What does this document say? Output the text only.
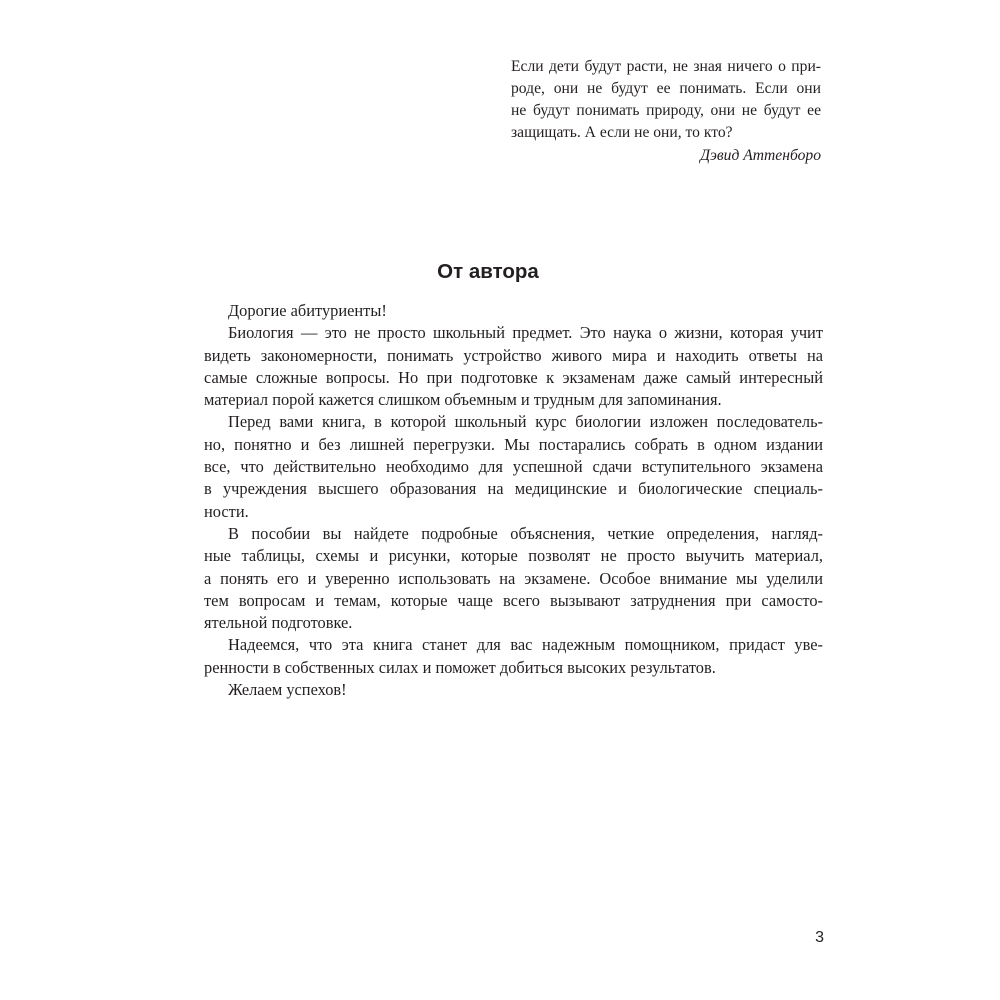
Если дети будут расти, не зная ничего о при-
роде, они не будут ее понимать. Если они
не будут понимать природу, они не будут ее
защищать. А если не они, то кто?
Дэвид Аттенборо
От автора
Дорогие абитуриенты!
Биология — это не просто школьный предмет. Это наука о жизни, которая учит
видеть закономерности, понимать устройство живого мира и находить ответы на
самые сложные вопросы. Но при подготовке к экзаменам даже самый интересный
материал порой кажется слишком объемным и трудным для запоминания.
Перед вами книга, в которой школьный курс биологии изложен последователь-
но, понятно и без лишней перегрузки. Мы постарались собрать в одном издании
все, что действительно необходимо для успешной сдачи вступительного экзамена
в учреждения высшего образования на медицинские и биологические специаль-
ности.
В пособии вы найдете подробные объяснения, четкие определения, нагляд-
ные таблицы, схемы и рисунки, которые позволят не просто выучить материал,
а понять его и уверенно использовать на экзамене. Особое внимание мы уделили
тем вопросам и темам, которые чаще всего вызывают затруднения при самосто-
ятельной подготовке.
Надеемся, что эта книга станет для вас надежным помощником, придаст уве-
ренности в собственных силах и поможет добиться высоких результатов.
Желаем успехов!
3
